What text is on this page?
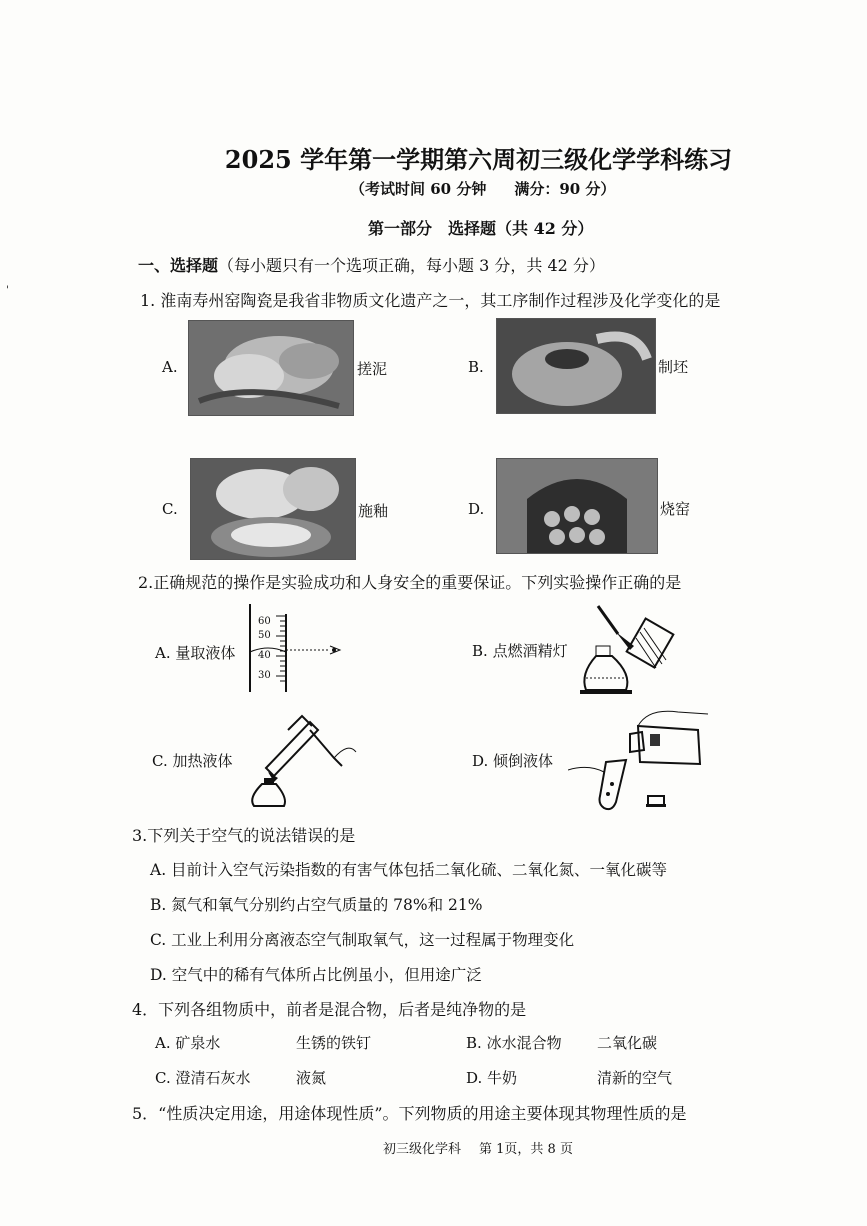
'
2025 学年第一学期第六周初三级化学学科练习
（考试时间 60 分钟 满分：90 分）
第一部分　选择题（共 42 分）
一、选择题（每小题只有一个选项正确，每小题 3 分，共 42 分）
1. 淮南寿州窑陶瓷是我省非物质文化遗产之一，其工序制作过程涉及化学变化的是
A.	搓泥	B.	制坯
C.	施釉	D.	烧窑
2.正确规范的操作是实验成功和人身安全的重要保证。下列实验操作正确的是
A. 量取液体
60
50
40
30
B. 点燃酒精灯
C. 加热液体	D. 倾倒液体
3.下列关于空气的说法错误的是
A. 目前计入空气污染指数的有害气体包括二氧化硫、二氧化氮、一氧化碳等
B. 氮气和氧气分别约占空气质量的 78%和 21%
C. 工业上利用分离液态空气制取氧气，这一过程属于物理变化
D. 空气中的稀有气体所占比例虽小，但用途广泛
4．下列各组物质中，前者是混合物，后者是纯净物的是
A. 矿泉水	生锈的铁钉	B. 冰水混合物 二氧化碳
C. 澄清石灰水	液氮	D. 牛奶	清新的空气
5．“性质决定用途，用途体现性质”。下列物质的用途主要体现其物理性质的是
初三级化学科 第 1页，共 8 页
